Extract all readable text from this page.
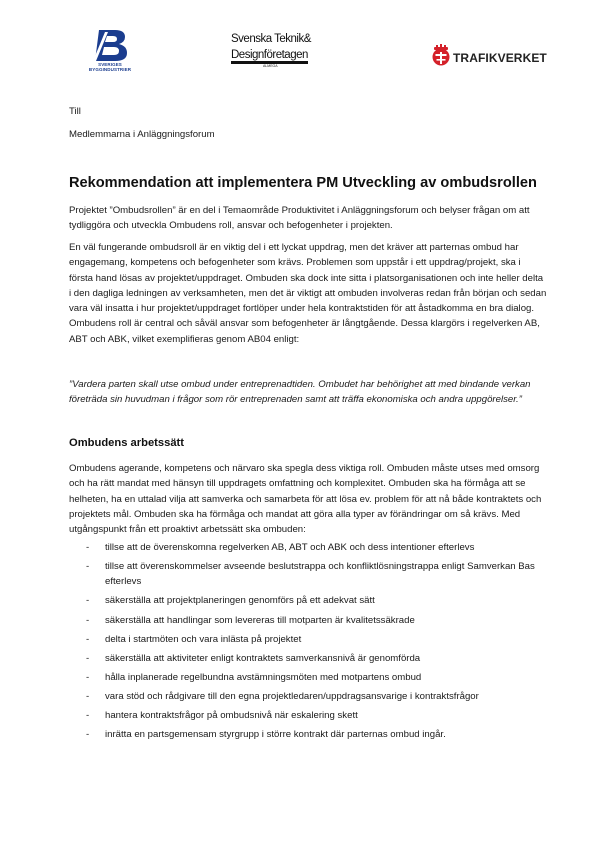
SVERIGES BYGGINDUSTRIER
Svenska Teknik&
Designföretagen
ALMEGA
TRAFIKVERKET
Till
Medlemmarna i Anläggningsforum
Rekommendation att implementera PM Utveckling av ombudsrollen
Projektet ”Ombudsrollen” är en del i Temaområde Produktivitet i Anläggningsforum och belyser frågan om att tydliggöra och utveckla Ombudens roll, ansvar och befogenheter i projekten.
En väl fungerande ombudsroll är en viktig del i ett lyckat uppdrag, men det kräver att parternas ombud har engagemang, kompetens och befogenheter som krävs. Problemen som uppstår i ett uppdrag/projekt, ska i första hand lösas av projektet/uppdraget. Ombuden ska dock inte sitta i platsorganisationen och inte heller delta i den dagliga ledningen av verksamheten, men det är viktigt att ombuden involveras redan från början och sedan vara väl insatta i hur projektet/uppdraget fortlöper under hela kontraktstiden för att åstadkomma en bra dialog. Ombudens roll är central och såväl ansvar som befogenheter är långtgående. Dessa klargörs i regelverken AB, ABT och ABK, vilket exemplifieras genom AB04 enligt:
”Vardera parten skall utse ombud under entreprenadtiden. Ombudet har behörighet att med bindande verkan företräda sin huvudman i frågor som rör entreprenaden samt att träffa ekonomiska och andra uppgörelser.”
Ombudens arbetssätt
Ombudens agerande, kompetens och närvaro ska spegla dess viktiga roll. Ombuden måste utses med omsorg och ha rätt mandat med hänsyn till uppdragets omfattning och komplexitet. Ombuden ska ha förmåga att se helheten, ha en uttalad vilja att samverka och samarbeta för att lösa ev. problem för att nå både kontraktets och projektets mål. Ombuden ska ha förmåga och mandat att göra alla typer av förändringar om så krävs. Med utgångspunkt från ett proaktivt arbetssätt ska ombuden:
- tillse att de överenskomna regelverken AB, ABT och ABK och dess intentioner efterlevs
- tillse att överenskommelser avseende beslutstrappa och konfliktlösningstrappa enligt Samverkan Bas efterlevs
- säkerställa att projektplaneringen genomförs på ett adekvat sätt
- säkerställa att handlingar som levereras till motparten är kvalitetssäkrade
- delta i startmöten och vara inlästa på projektet
- säkerställa att aktiviteter enligt kontraktets samverkansnivå är genomförda
- hålla inplanerade regelbundna avstämningsmöten med motpartens ombud
- vara stöd och rådgivare till den egna projektledaren/uppdragsansvarige i kontraktsfrågor
- hantera kontraktsfrågor på ombudsnivå när eskalering skett
- inrätta en partsgemensam styrgrupp i större kontrakt där parternas ombud ingår.
